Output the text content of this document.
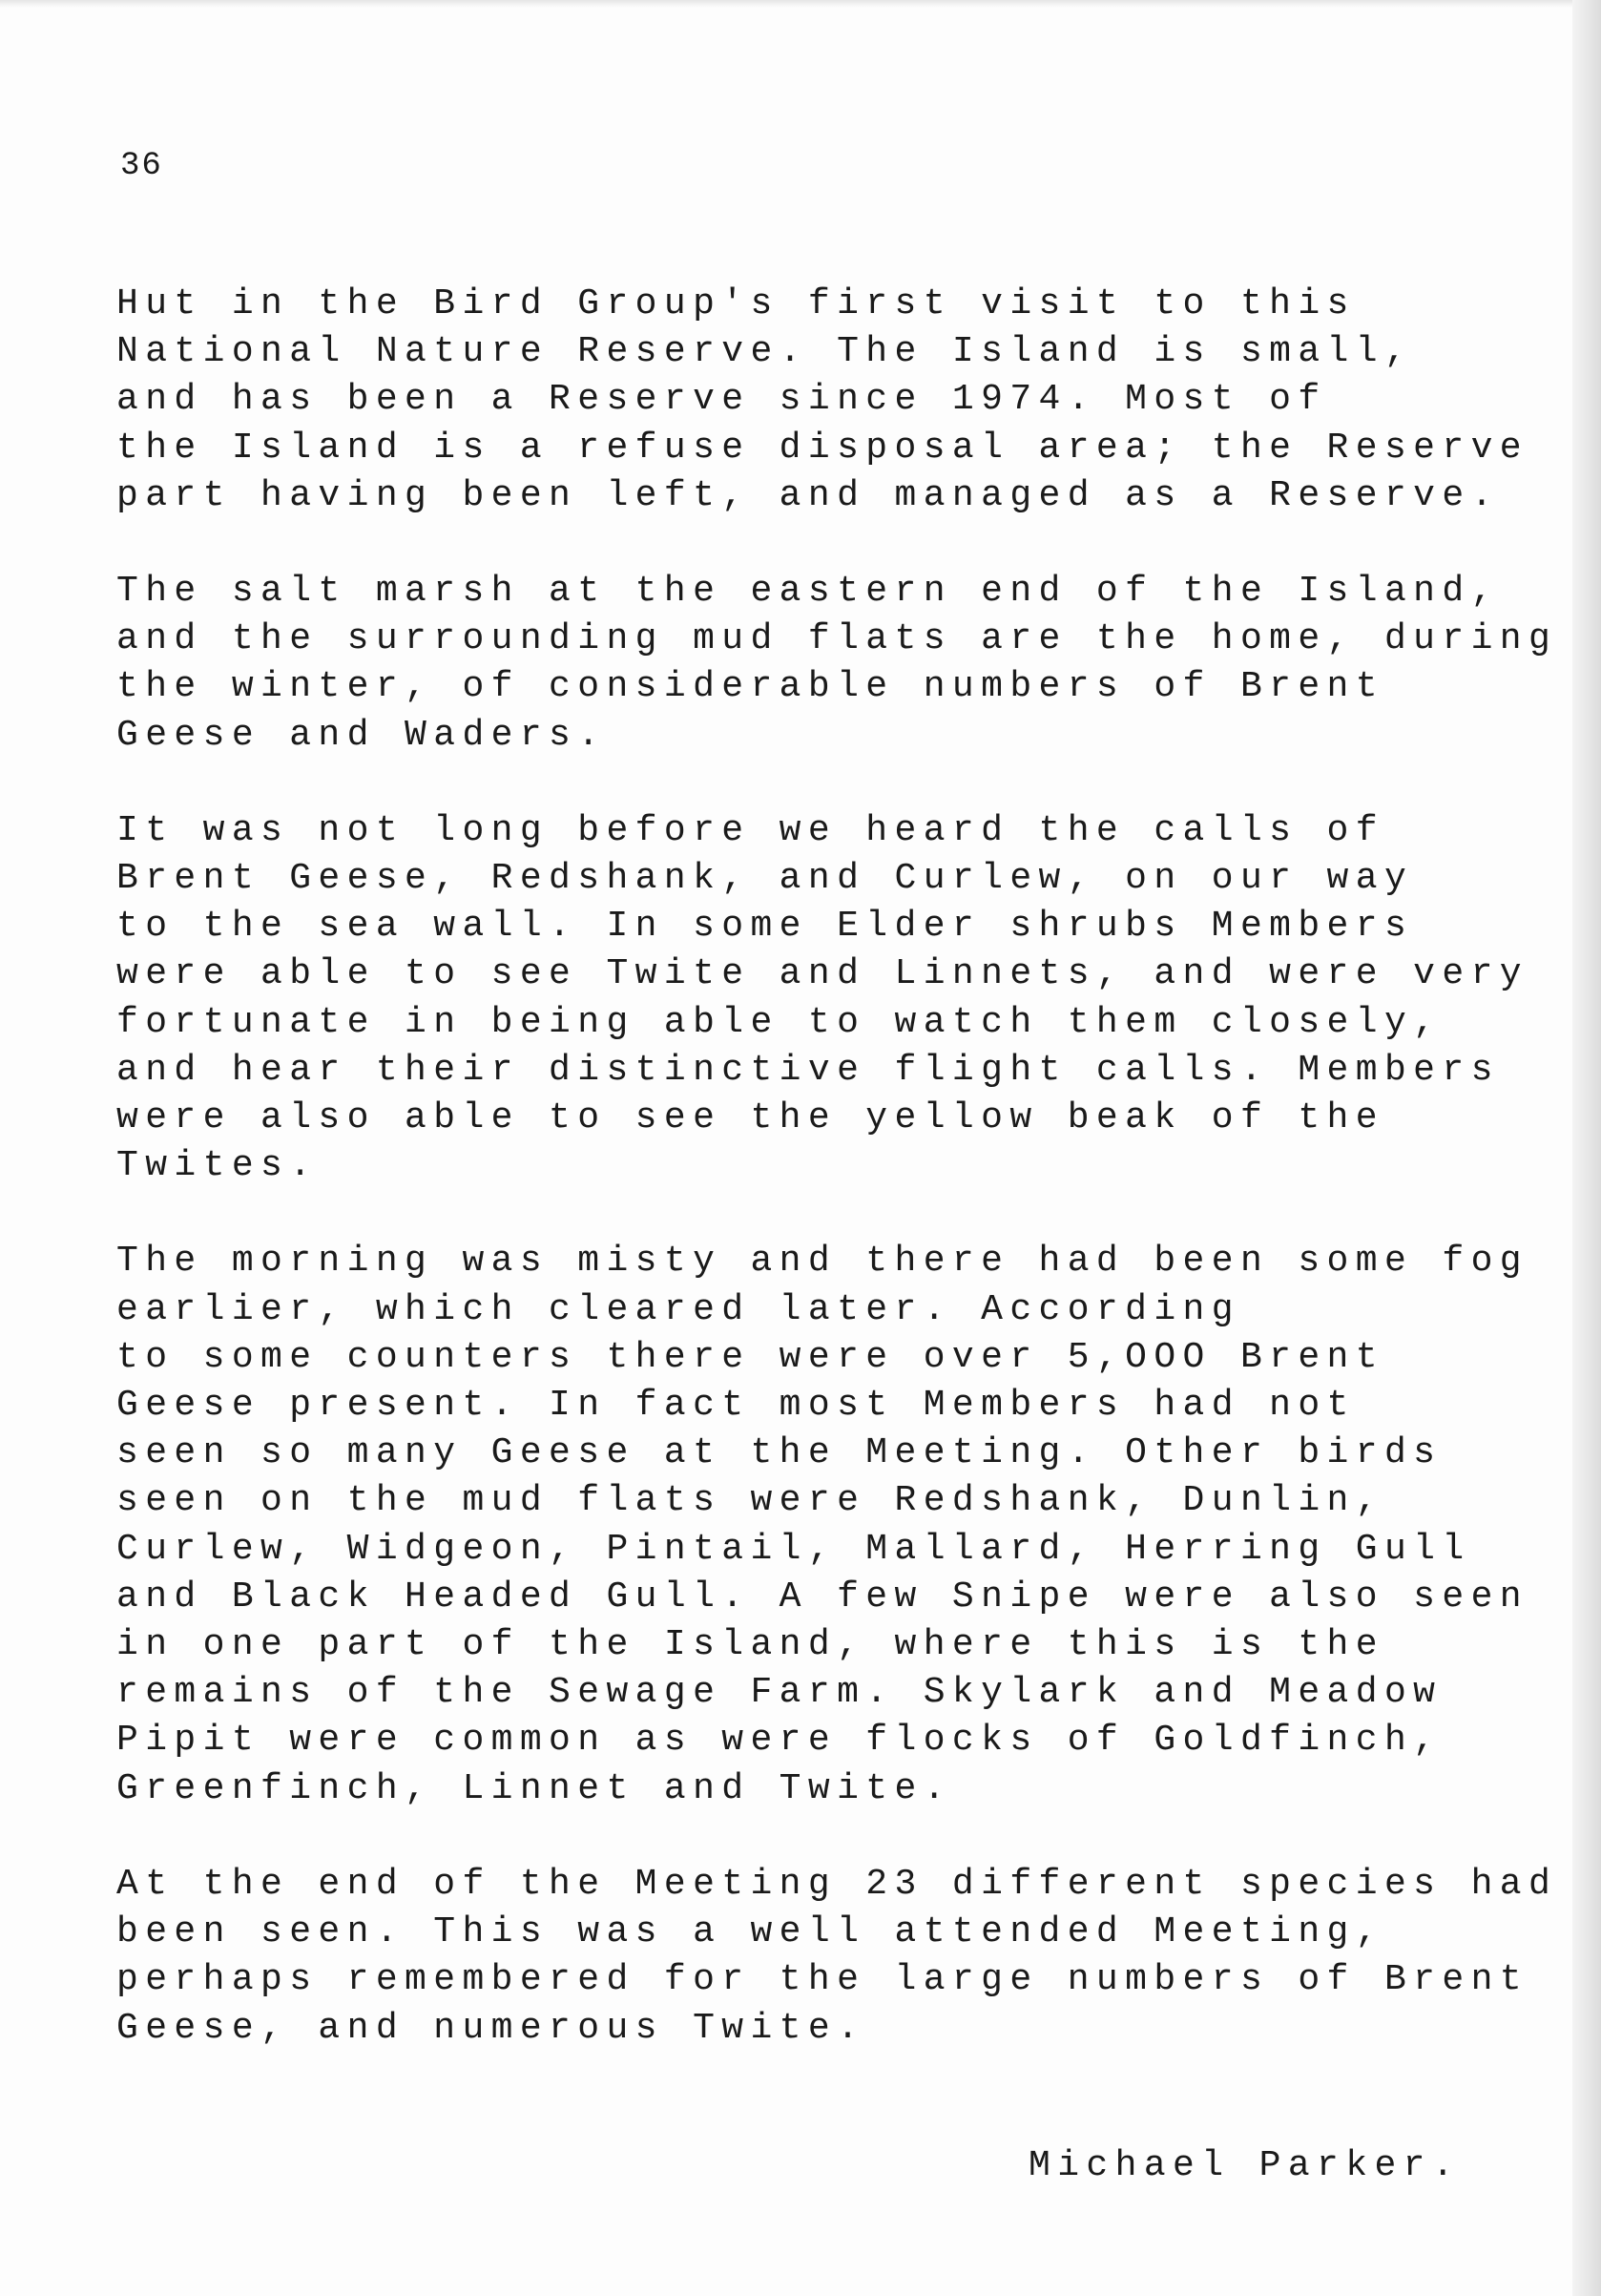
36
Hut in the Bird Group's first visit to this
National Nature Reserve. The Island is small,
and has been a Reserve since 1974. Most of
the Island is a refuse disposal area; the Reserve
part having been left, and managed as a Reserve.
The salt marsh at the eastern end of the Island,
and the surrounding mud flats are the home, during
the winter, of considerable numbers of Brent
Geese and Waders.
It was not long before we heard the calls of
Brent Geese, Redshank, and Curlew, on our way
to the sea wall. In some Elder shrubs Members
were able to see Twite and Linnets, and were very
fortunate in being able to watch them closely,
and hear their distinctive flight calls. Members
were also able to see the yellow beak of the
Twites.
The morning was misty and there had been some fog
earlier, which cleared later. According
to some counters there were over 5,OOO Brent
Geese present. In fact most Members had not
seen so many Geese at the Meeting. Other birds
seen on the mud flats were Redshank, Dunlin,
Curlew, Widgeon, Pintail, Mallard, Herring Gull
and Black Headed Gull. A few Snipe were also seen
in one part of the Island, where this is the
remains of the Sewage Farm. Skylark and Meadow
Pipit were common as were flocks of Goldfinch,
Greenfinch, Linnet and Twite.
At the end of the Meeting 23 different species had
been seen. This was a well attended Meeting,
perhaps remembered for the large numbers of Brent
Geese, and numerous Twite.
Michael Parker.
